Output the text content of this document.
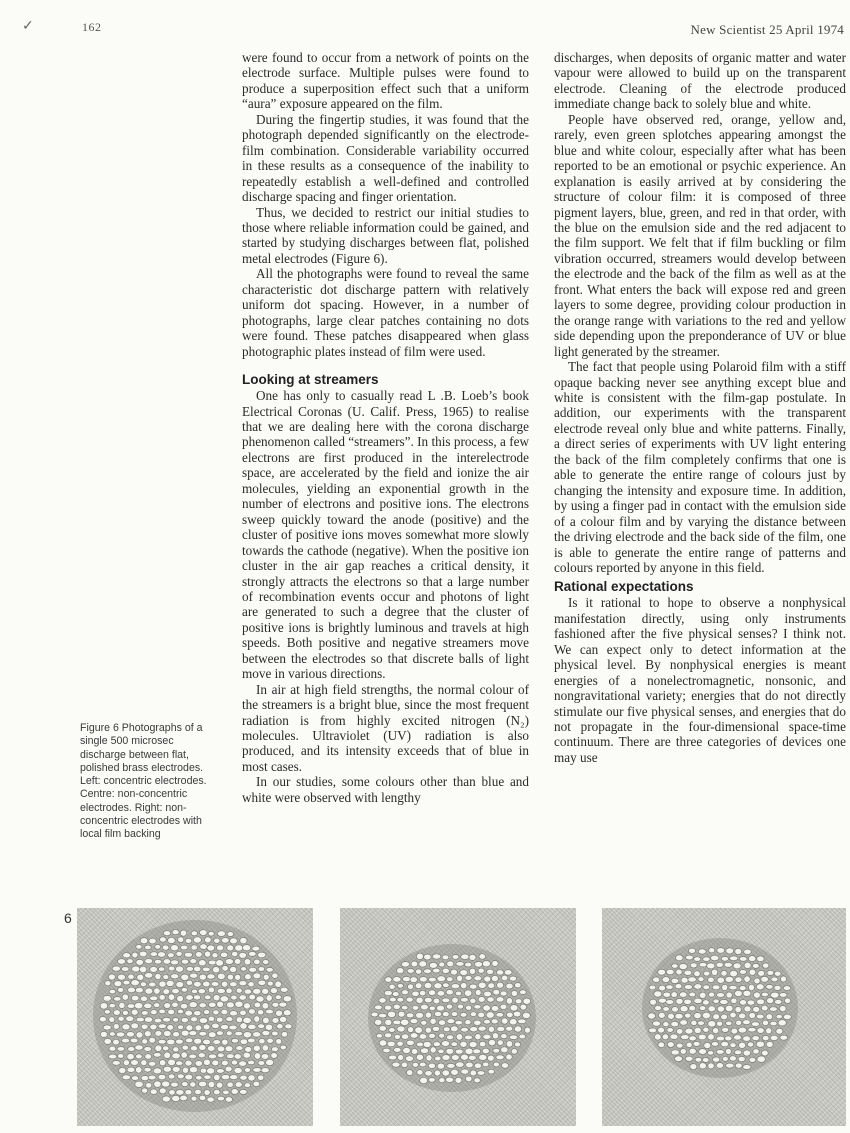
✓	162	New Scientist 25 April 1974

were found to occur from a network of points on the electrode surface. Multiple pulses were found to produce a superposition effect such that a uniform “aura” exposure appeared on the film.

During the fingertip studies, it was found that the photograph depended significantly on the electrode-film combination. Considerable variability occurred in these results as a consequence of the inability to repeatedly establish a well-defined and controlled discharge spacing and finger orientation.

Thus, we decided to restrict our initial studies to those where reliable information could be gained, and started by studying discharges between flat, polished metal electrodes (Figure 6).

All the photographs were found to reveal the same characteristic dot discharge pattern with relatively uniform dot spacing. However, in a number of photographs, large clear patches containing no dots were found. These patches disappeared when glass photographic plates instead of film were used.

Looking at streamers

One has only to casually read L .B. Loeb’s book Electrical Coronas (U. Calif. Press, 1965) to realise that we are dealing here with the corona discharge phenomenon called “streamers”. In this process, a few electrons are first produced in the interelectrode space, are accelerated by the field and ionize the air molecules, yielding an exponential growth in the number of electrons and positive ions. The electrons sweep quickly toward the anode (positive) and the cluster of positive ions moves somewhat more slowly towards the cathode (negative). When the positive ion cluster in the air gap reaches a critical density, it strongly attracts the electrons so that a large number of recombination events occur and photons of light are generated to such a degree that the cluster of positive ions is brightly luminous and travels at high speeds. Both positive and negative streamers move between the electrodes so that discrete balls of light move in various directions.

In air at high field strengths, the normal colour of the streamers is a bright blue, since the most frequent radiation is from highly excited nitrogen (N₂) molecules. Ultraviolet (UV) radiation is also produced, and its intensity exceeds that of blue in most cases.

In our studies, some colours other than blue and white were observed with lengthy

discharges, when deposits of organic matter and water vapour were allowed to build up on the transparent electrode. Cleaning of the electrode produced immediate change back to solely blue and white.

People have observed red, orange, yellow and, rarely, even green splotches appearing amongst the blue and white colour, especially after what has been reported to be an emotional or psychic experience. An explanation is easily arrived at by considering the structure of colour film: it is composed of three pigment layers, blue, green, and red in that order, with the blue on the emulsion side and the red adjacent to the film support. We felt that if film buckling or film vibration occurred, streamers would develop between the electrode and the back of the film as well as at the front. What enters the back will expose red and green layers to some degree, providing colour production in the orange range with variations to the red and yellow side depending upon the preponderance of UV or blue light generated by the streamer.

The fact that people using Polaroid film with a stiff opaque backing never see anything except blue and white is consistent with the film-gap postulate. In addition, our experiments with the transparent electrode reveal only blue and white patterns. Finally, a direct series of experiments with UV light entering the back of the film completely confirms that one is able to generate the entire range of colours just by changing the intensity and exposure time. In addition, by using a finger pad in contact with the emulsion side of a colour film and by varying the distance between the driving electrode and the back side of the film, one is able to generate the entire range of patterns and colours reported by anyone in this field.

Rational expectations

Is it rational to hope to observe a nonphysical manifestation directly, using only instruments fashioned after the five physical senses? I think not. We can expect only to detect information at the physical level. By nonphysical energies is meant energies of a nonelectromagnetic, nonsonic, and nongravitational variety; energies that do not directly stimulate our five physical senses, and energies that do not propagate in the four-dimensional space-time continuum. There are three categories of devices one may use

Figure 6 Photographs of a single 500 microsec discharge between flat, polished brass electrodes. Left: concentric electrodes. Centre: non-concentric electrodes. Right: non-concentric electrodes with local film backing
6
